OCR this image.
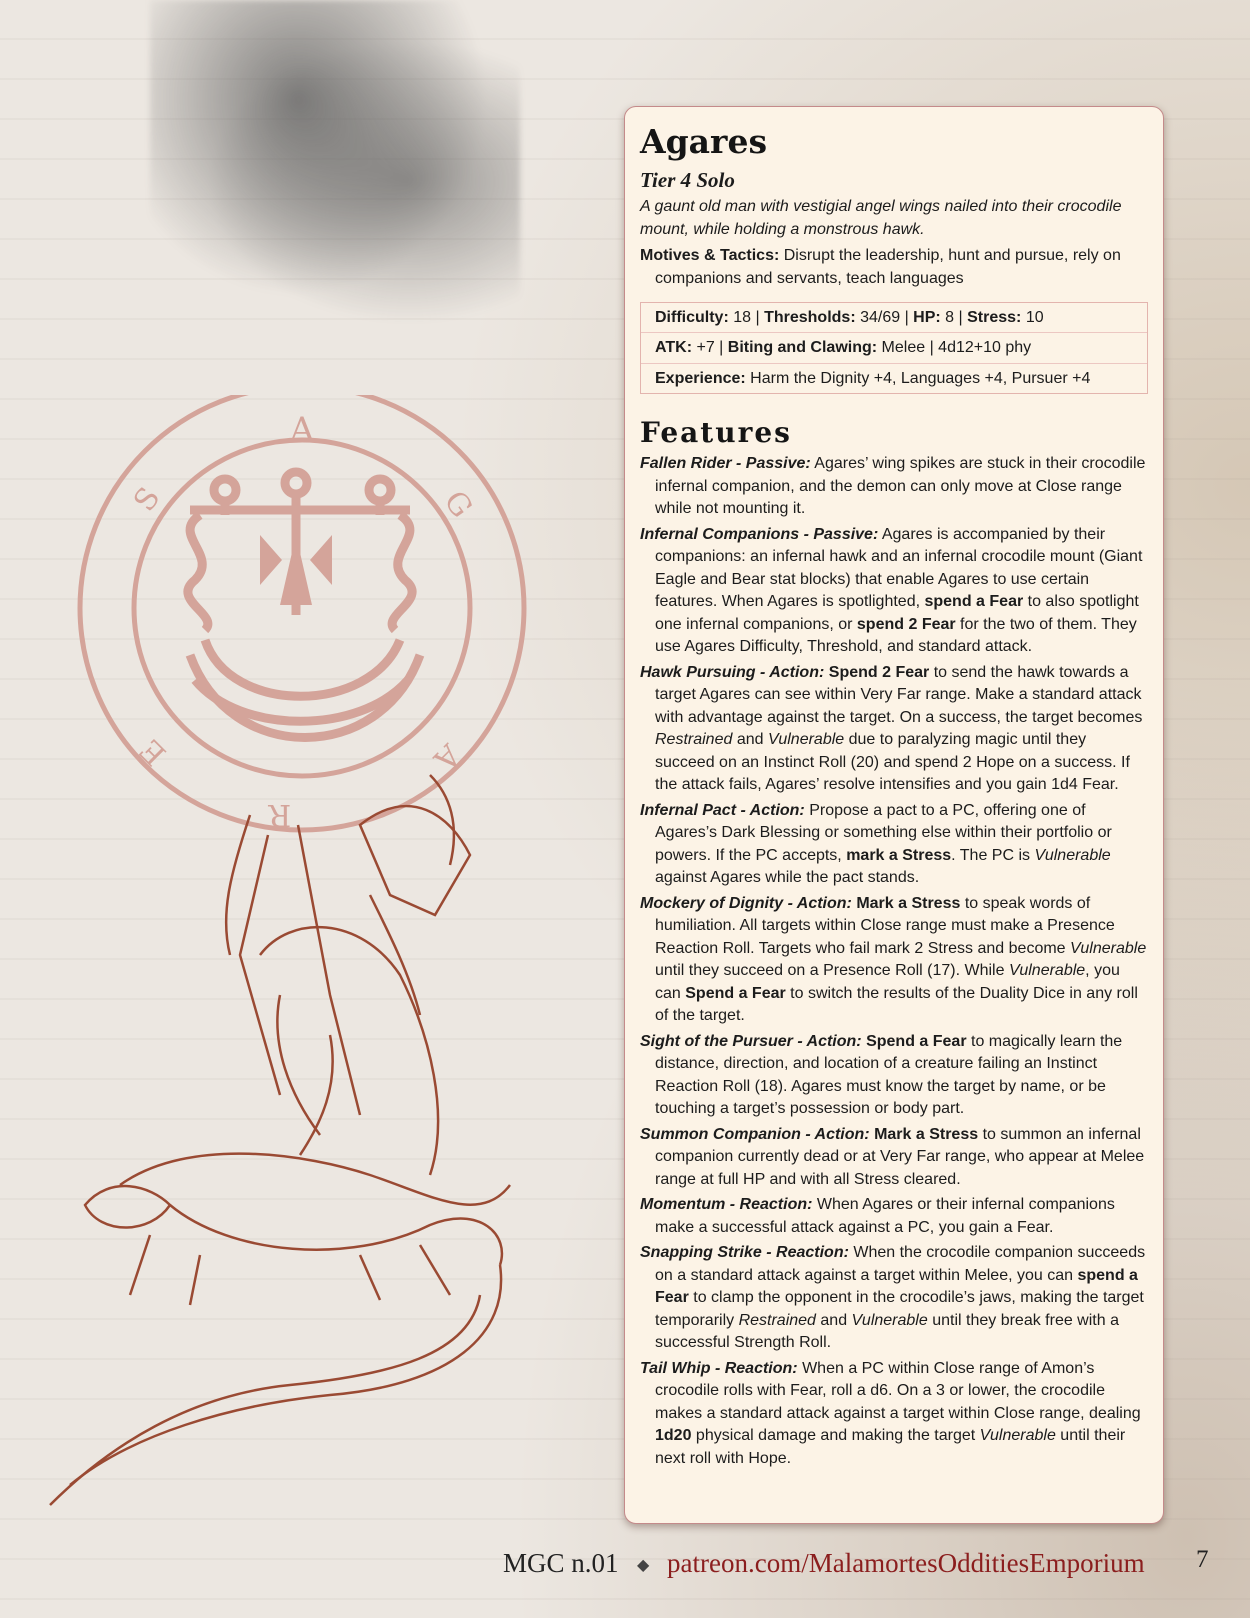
A
G
A
R
E
S
Agares
Tier 4 Solo
A gaunt old man with vestigial angel wings nailed into their crocodile mount, while holding a monstrous hawk.
Motives & Tactics: Disrupt the leadership, hunt and pursue, rely on companions and servants, teach languages
Difficulty: 18 | Thresholds: 34/69 | HP: 8 | Stress: 10
ATK: +7 | Biting and Clawing: Melee | 4d12+10 phy
Experience: Harm the Dignity +4, Languages +4, Pursuer +4
Features
Fallen Rider - Passive: Agares’ wing spikes are stuck in their crocodile infernal companion, and the demon can only move at Close range while not mounting it.
Infernal Companions - Passive: Agares is accompanied by their companions: an infernal hawk and an infernal crocodile mount (Giant Eagle and Bear stat blocks) that enable Agares to use certain features. When Agares is spotlighted, spend a Fear to also spotlight one infernal companions, or spend 2 Fear for the two of them. They use Agares Difficulty, Threshold, and standard attack.
Hawk Pursuing - Action: Spend 2 Fear to send the hawk towards a target Agares can see within Very Far range. Make a standard attack with advantage against the target. On a success, the target becomes Restrained and Vulnerable due to paralyzing magic until they succeed on an Instinct Roll (20) and spend 2 Hope on a success. If the attack fails, Agares’ resolve intensifies and you gain 1d4 Fear.
Infernal Pact - Action: Propose a pact to a PC, offering one of Agares’s Dark Blessing or something else within their portfolio or powers. If the PC accepts, mark a Stress. The PC is Vulnerable against Agares while the pact stands.
Mockery of Dignity - Action: Mark a Stress to speak words of humiliation. All targets within Close range must make a Presence Reaction Roll. Targets who fail mark 2 Stress and become Vulnerable until they succeed on a Presence Roll (17). While Vulnerable, you can Spend a Fear to switch the results of the Duality Dice in any roll of the target.
Sight of the Pursuer - Action: Spend a Fear to magically learn the distance, direction, and location of a creature failing an Instinct Reaction Roll (18). Agares must know the target by name, or be touching a target’s possession or body part.
Summon Companion - Action: Mark a Stress to summon an infernal companion currently dead or at Very Far range, who appear at Melee range at full HP and with all Stress cleared.
Momentum - Reaction: When Agares or their infernal companions make a successful attack against a PC, you gain a Fear.
Snapping Strike - Reaction: When the crocodile companion succeeds on a standard attack against a target within Melee, you can spend a Fear to clamp the opponent in the crocodile’s jaws, making the target temporarily Restrained and Vulnerable until they break free with a successful Strength Roll.
Tail Whip - Reaction: When a PC within Close range of Amon’s crocodile rolls with Fear, roll a d6. On a 3 or lower, the crocodile makes a standard attack against a target within Close range, dealing 1d20 physical damage and making the target Vulnerable until their next roll with Hope.
MGC n.01 ◆ patreon.com/MalamortesOdditiesEmporium 7
